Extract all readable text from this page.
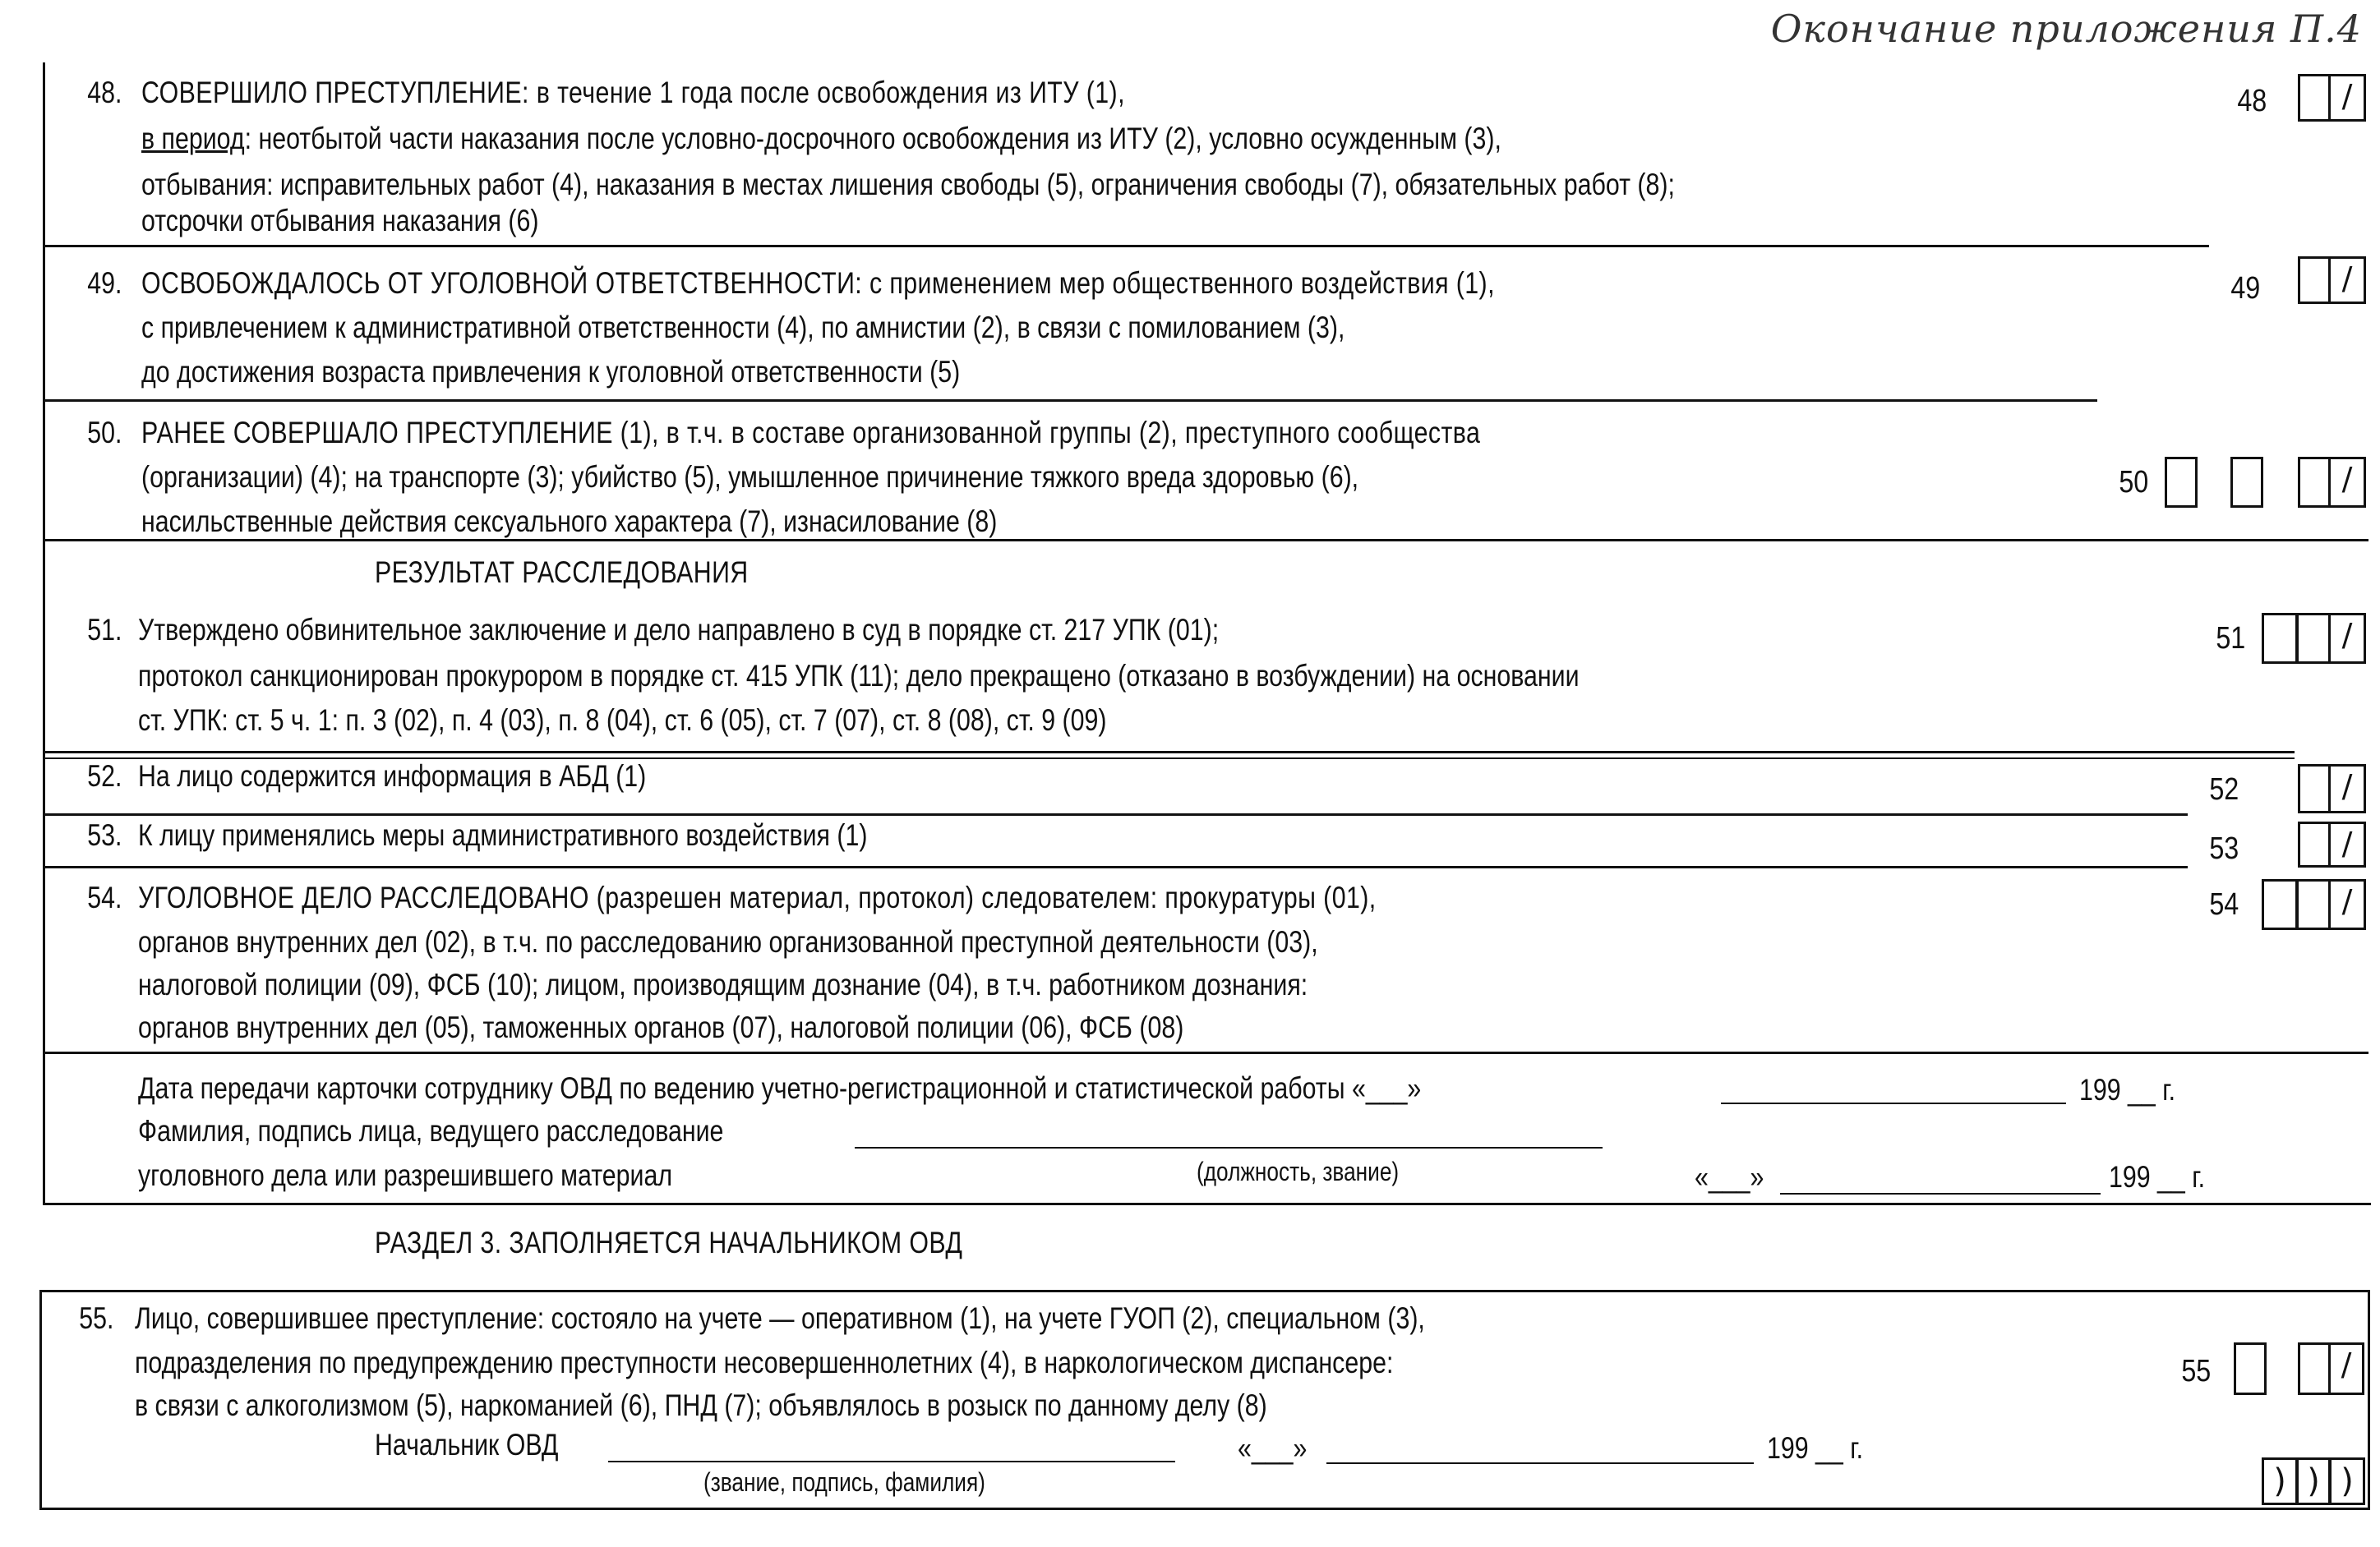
Окончание приложения П.4
48. СОВЕРШИЛО ПРЕСТУПЛЕНИЕ: в течение 1 года после освобождения из ИТУ (1),
в период: неотбытой части наказания после условно-досрочного освобождения из ИТУ (2), условно осужденным (3),
отбывания: исправительных работ (4), наказания в местах лишения свободы (5), ограничения свободы (7), обязательных работ (8);
отсрочки отбывания наказания (6)
48
/
49. ОСВОБОЖДАЛОСЬ ОТ УГОЛОВНОЙ ОТВЕТСТВЕННОСТИ: с применением мер общественного воздействия (1),
с привлечением к административной ответственности (4), по амнистии (2), в связи с помилованием (3),
до достижения возраста привлечения к уголовной ответственности (5)
49
/
50. РАНЕЕ СОВЕРШАЛО ПРЕСТУПЛЕНИЕ (1), в т.ч. в составе организованной группы (2), преступного сообщества
(организации) (4); на транспорте (3); убийство (5), умышленное причинение тяжкого вреда здоровью (6),
насильственные действия сексуального характера (7), изнасилование (8)
50
/
РЕЗУЛЬТАТ РАССЛЕДОВАНИЯ
51. Утверждено обвинительное заключение и дело направлено в суд в порядке ст. 217 УПК (01);
протокол санкционирован прокурором в порядке ст. 415 УПК (11); дело прекращено (отказано в возбуждении) на основании
ст. УПК: ст. 5 ч. 1: п. 3 (02), п. 4 (03), п. 8 (04), ст. 6 (05), ст. 7 (07), ст. 8 (08), ст. 9 (09)
51
/
52. На лицо содержится информация в АБД (1)	52
/
53. К лицу применялись меры административного воздействия (1)	53
/
54. УГОЛОВНОЕ ДЕЛО РАССЛЕДОВАНО (разрешен материал, протокол) следователем: прокуратуры (01),
органов внутренних дел (02), в т.ч. по расследованию организованной преступной деятельности (03),
налоговой полиции (09), ФСБ (10); лицом, производящим дознание (04), в т.ч. работником дознания:
органов внутренних дел (05), таможенных органов (07), налоговой полиции (06), ФСБ (08)
54
/
Дата передачи карточки сотруднику ОВД по ведению учетно-регистрационной и статистической работы «___»	199 __ г.
Фамилия, подпись лица, ведущего расследование
уголовного дела или разрешившего материал	(должность, звание)	«___»	199 __ г.
РАЗДЕЛ 3. ЗАПОЛНЯЕТСЯ НАЧАЛЬНИКОМ ОВД
55. Лицо, совершившее преступление: состояло на учете — оперативном (1), на учете ГУОП (2), специальном (3),
подразделения по предупреждению преступности несовершеннолетних (4), в наркологическом диспансере:
в связи с алкоголизмом (5), наркоманией (6), ПНД (7); объявлялось в розыск по данному делу (8)
55
/
Начальник ОВД
(звание, подпись, фамилия)
«___»	199 __ г.
)
)
)
